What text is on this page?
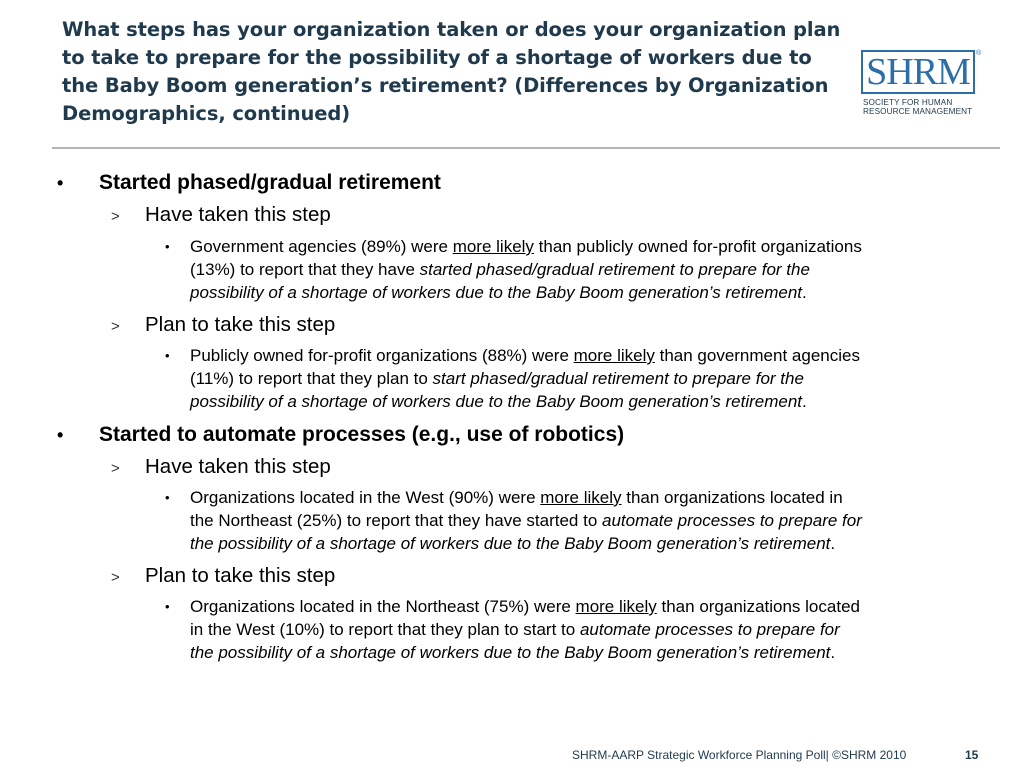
What steps has your organization taken or does your organization plan
to take to prepare for the possibility of a shortage of workers due to
the Baby Boom generation’s retirement? (Differences by Organization
Demographics, continued)
SHRM ®
SOCIETY FOR HUMAN
RESOURCE MANAGEMENT
• Started phased/gradual retirement
> Have taken this step
• Government agencies (89%) were more likely than publicly owned for-profit organizations
(13%) to report that they have started phased/gradual retirement to prepare for the
possibility of a shortage of workers due to the Baby Boom generation’s retirement.
> Plan to take this step
• Publicly owned for-profit organizations (88%) were more likely than government agencies
(11%) to report that they plan to start phased/gradual retirement to prepare for the
possibility of a shortage of workers due to the Baby Boom generation’s retirement.
• Started to automate processes (e.g., use of robotics)
> Have taken this step
• Organizations located in the West (90%) were more likely than organizations located in
the Northeast (25%) to report that they have started to automate processes to prepare for
the possibility of a shortage of workers due to the Baby Boom generation’s retirement.
> Plan to take this step
• Organizations located in the Northeast (75%) were more likely than organizations located
in the West (10%) to report that they plan to start to automate processes to prepare for
the possibility of a shortage of workers due to the Baby Boom generation’s retirement.
SHRM-AARP Strategic Workforce Planning Poll| ©SHRM 2010	15
